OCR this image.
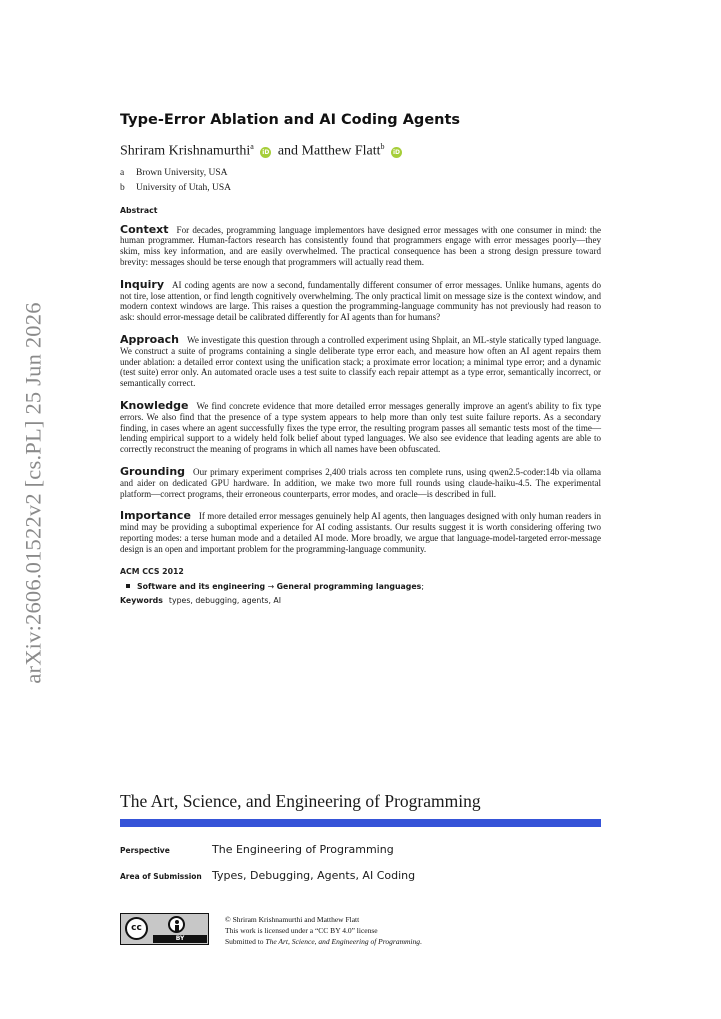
arXiv:2606.01522v2 [cs.PL] 25 Jun 2026
Type-Error Ablation and AI Coding Agents
Shriram Krishnamurthi$^a$ iD and Matthew Flatt$^b$ iD
a Brown University, USA
b University of Utah, USA
Abstract

Context For decades, programming language implementors have designed error messages with one consumer in mind: the human programmer. Human-factors research has consistently found that programmers engage with error messages poorly—they skim, miss key information, and are easily overwhelmed. The practical consequence has been a strong design pressure toward brevity: messages should be terse enough that programmers will actually read them.

Inquiry AI coding agents are now a second, fundamentally different consumer of error messages. Unlike humans, agents do not tire, lose attention, or find length cognitively overwhelming. The only practical limit on message size is the context window, and modern context windows are large. This raises a question the programming-language community has not previously had reason to ask: should error-message detail be calibrated differently for AI agents than for humans?

Approach We investigate this question through a controlled experiment using Shplait, an ML-style statically typed language. We construct a suite of programs containing a single deliberate type error each, and measure how often an AI agent repairs them under ablation: a detailed error context using the unification stack; a proximate error location; a minimal type error; and a dynamic (test suite) error only. An automated oracle uses a test suite to classify each repair attempt as a type error, semantically incorrect, or semantically correct.

Knowledge We find concrete evidence that more detailed error messages generally improve an agent's ability to fix type errors. We also find that the presence of a type system appears to help more than only test suite failure reports. As a secondary finding, in cases where an agent successfully fixes the type error, the resulting program passes all semantic tests most of the time—lending empirical support to a widely held folk belief about typed languages. We also see evidence that leading agents are able to correctly reconstruct the meaning of programs in which all names have been obfuscated.

Grounding Our primary experiment comprises 2,400 trials across ten complete runs, using qwen2.5-coder:14b via ollama and aider on dedicated GPU hardware. In addition, we make two more full rounds using claude-haiku-4.5. The experimental platform—correct programs, their erroneous counterparts, error modes, and oracle—is described in full.

Importance If more detailed error messages genuinely help AI agents, then languages designed with only human readers in mind may be providing a suboptimal experience for AI coding assistants. Our results suggest it is worth considering offering two reporting modes: a terse human mode and a detailed AI mode. More broadly, we argue that language-model-targeted error-message design is an open and important problem for the programming-language community.

ACM CCS 2012
Software and its engineering → General programming languages;
Keywords types, debugging, agents, AI
The Art, Science, and Engineering of Programming
Perspective	The Engineering of Programming
Area of Submission Types, Debugging, Agents, AI Coding
cc
BY
© Shriram Krishnamurthi and Matthew Flatt
This work is licensed under a “CC BY 4.0” license
Submitted to The Art, Science, and Engineering of Programming.
